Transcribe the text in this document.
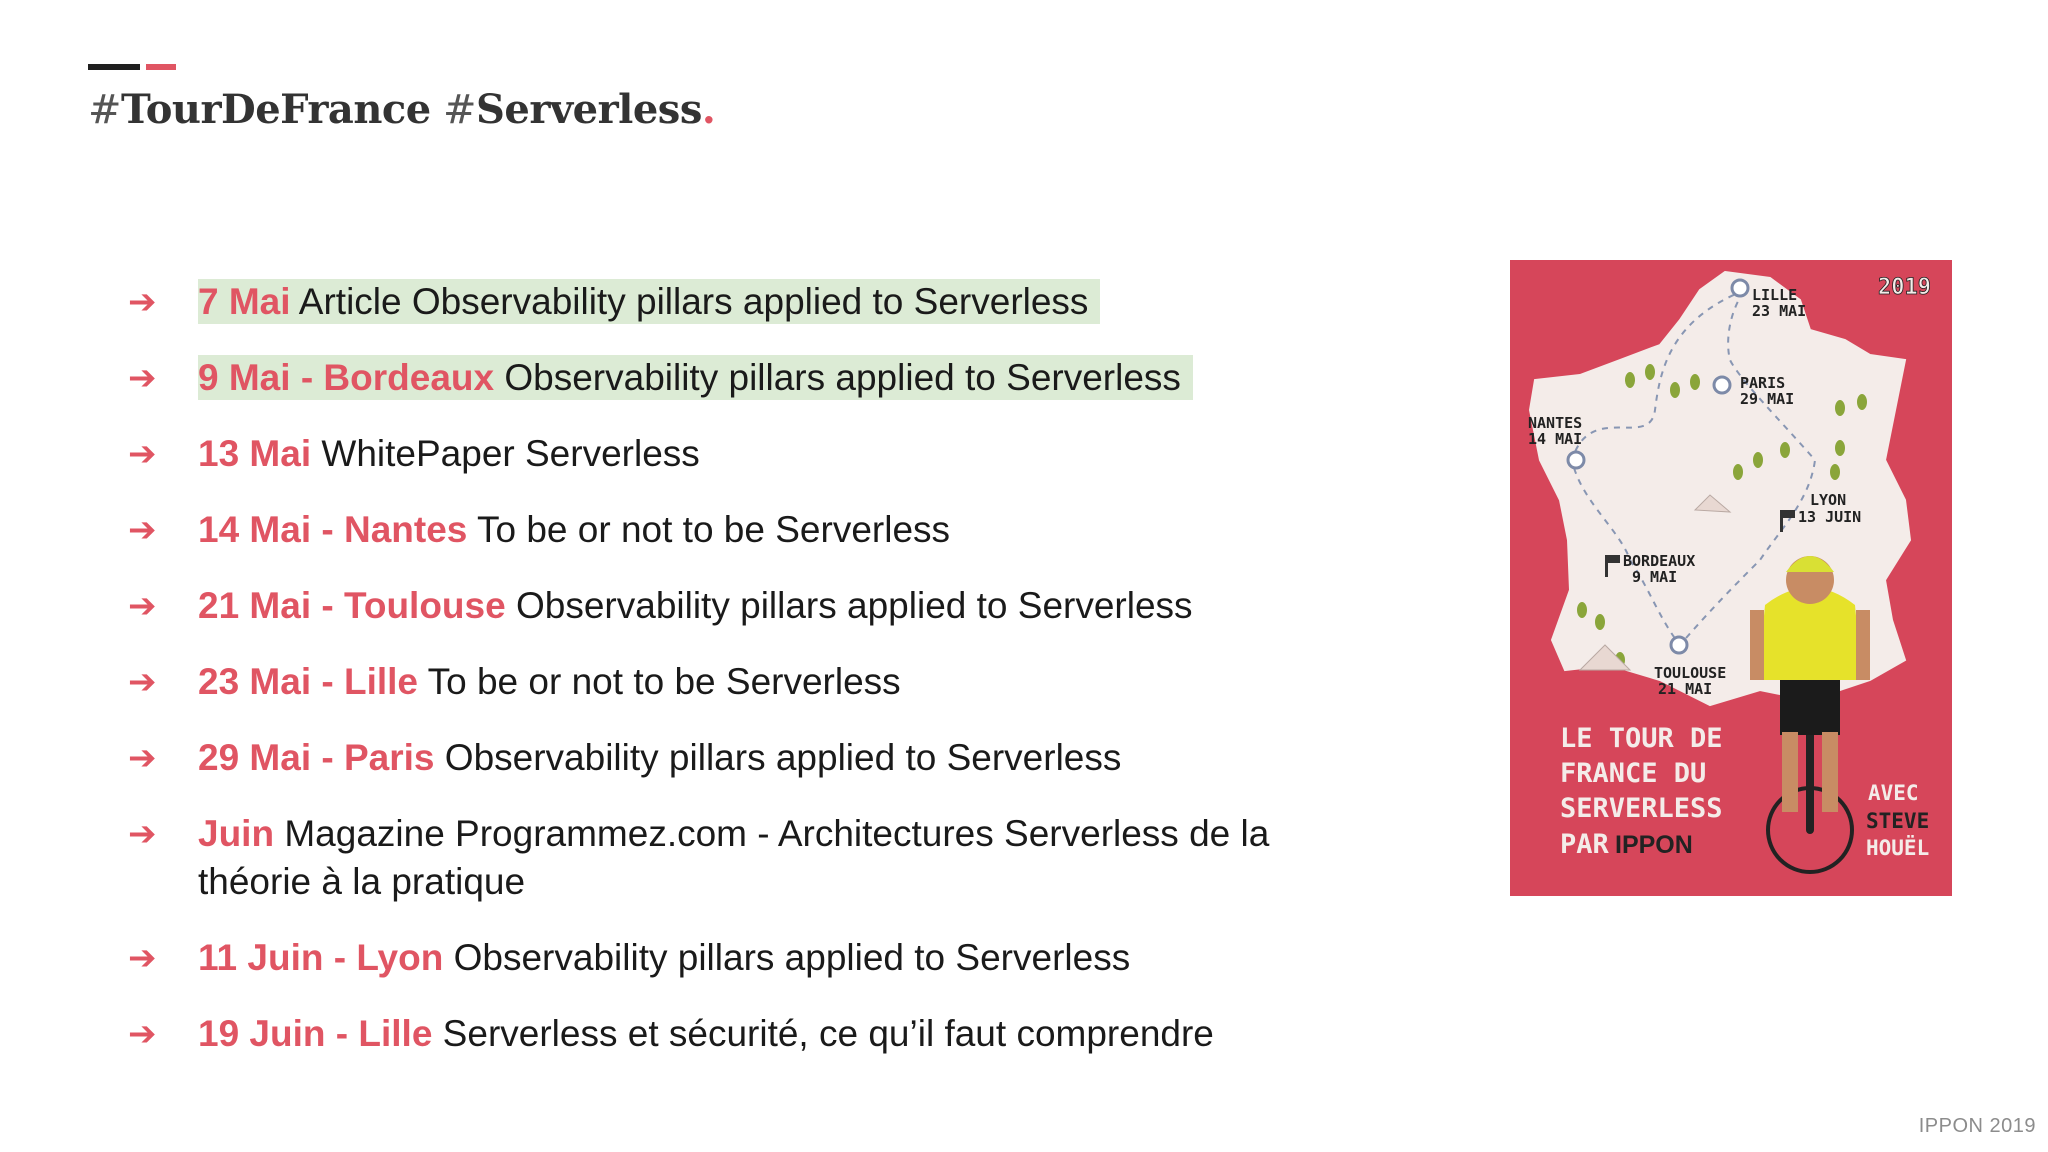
#TourDeFrance #Serverless.
➔ 7 Mai Article Observability pillars applied to Serverless
➔ 9 Mai - Bordeaux Observability pillars applied to Serverless
➔ 13 Mai WhitePaper Serverless
➔ 14 Mai - Nantes To be or not to be Serverless
➔ 21 Mai - Toulouse Observability pillars applied to Serverless
➔ 23 Mai - Lille To be or not to be Serverless
➔ 29 Mai - Paris Observability pillars applied to Serverless
➔ Juin Magazine Programmez.com - Architectures Serverless de la théorie à la pratique
➔ 11 Juin - Lyon Observability pillars applied to Serverless
➔ 19 Juin - Lille Serverless et sécurité, ce qu’il faut comprendre
LILLE
23 MAI
PARIS
29 MAI
NANTES
14 MAI
LYON
13 JUIN
BORDEAUX
9 MAI
TOULOUSE
21 MAI
2019
LE TOUR DE
FRANCE DU
SERVERLESS
PAR IPPON
AVEC
STEVE
HOUËL
IPPON 2019
